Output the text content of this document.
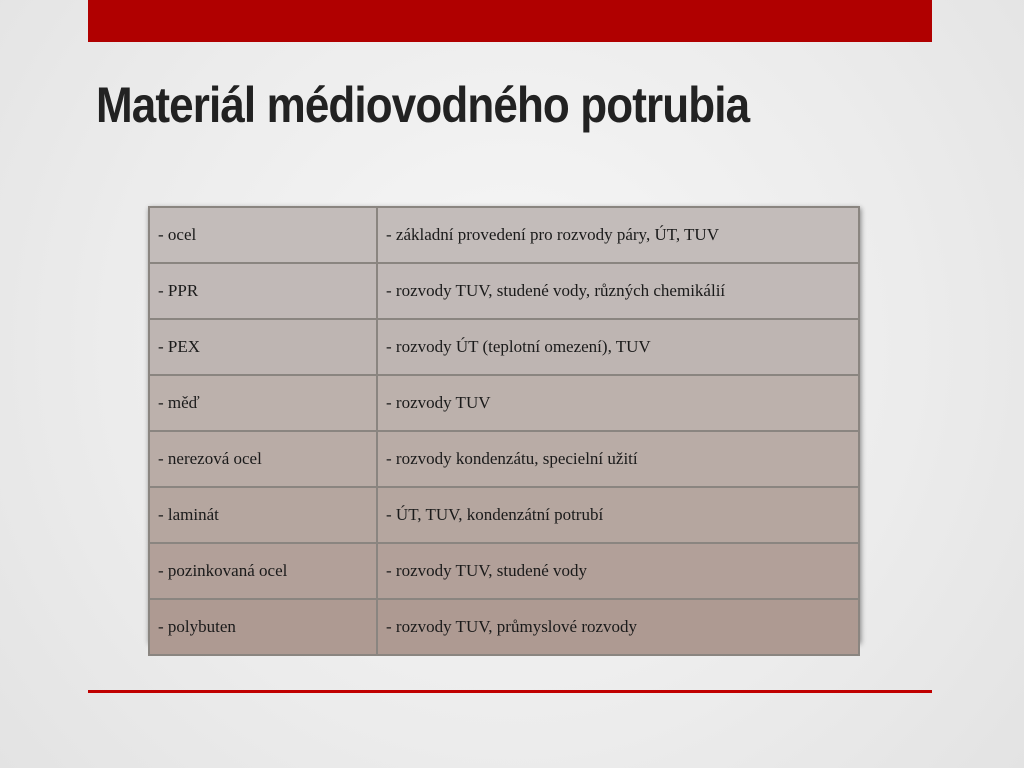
Materiál médiovodného potrubia
- ocel	- základní provedení pro rozvody páry, ÚT, TUV
- PPR	- rozvody TUV, studené vody, různých chemikálií
- PEX	- rozvody ÚT (teplotní omezení), TUV
- měď	- rozvody TUV
- nerezová ocel	- rozvody kondenzátu, specielní užití
- laminát	- ÚT, TUV, kondenzátní potrubí
- pozinkovaná ocel	- rozvody TUV, studené vody
- polybuten	- rozvody TUV, průmyslové rozvody
